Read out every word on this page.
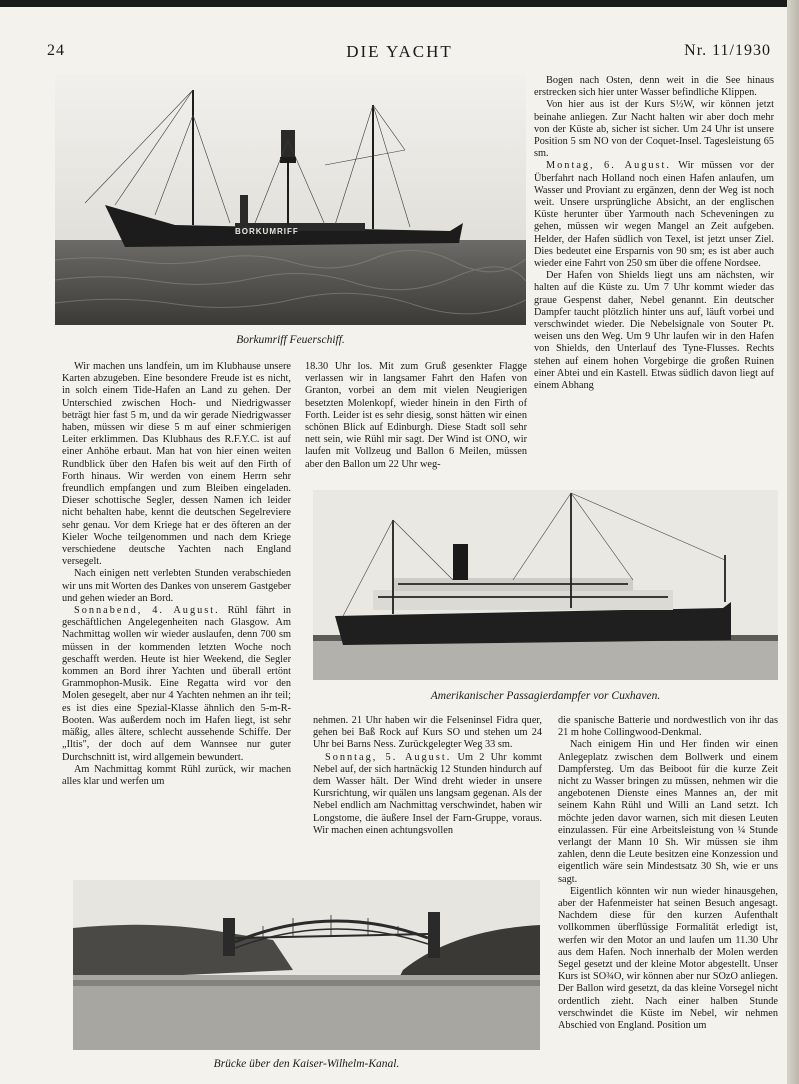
24	DIE YACHT	Nr. 11/1930
BORKUMRIFF
Borkumriff Feuerschiff.

Bogen nach Osten, denn weit in die See hinaus erstrecken sich hier unter Wasser befindliche Klippen.

Von hier aus ist der Kurs S½W, wir können jetzt beinahe anliegen. Zur Nacht halten wir aber doch mehr von der Küste ab, sicher ist sicher. Um 24 Uhr ist unsere Position 5 sm NO von der Coquet-Insel. Tagesleistung 65 sm.

Montag, 6. August. Wir müssen vor der Überfahrt nach Holland noch einen Hafen anlaufen, um Wasser und Proviant zu ergänzen, denn der Weg ist noch weit. Unsere ursprüngliche Absicht, an der englischen Küste herunter über Yarmouth nach Scheveningen zu gehen, müssen wir wegen Mangel an Zeit aufgeben. Helder, der Hafen südlich von Texel, ist jetzt unser Ziel. Dies bedeutet eine Ersparnis von 90 sm; es ist aber auch wieder eine Fahrt von 250 sm über die offene Nordsee.

Der Hafen von Shields liegt uns am nächsten, wir halten auf die Küste zu. Um 7 Uhr kommt wieder das graue Gespenst daher, Nebel genannt. Ein deutscher Dampfer taucht plötzlich hinter uns auf, läuft vorbei und verschwindet wieder. Die Nebelsignale von Souter Pt. weisen uns den Weg. Um 9 Uhr laufen wir in den Hafen von Shields, den Unterlauf des Tyne-Flusses. Rechts stehen auf einem hohen Vorgebirge die großen Ruinen einer Abtei und ein Kastell. Etwas südlich davon liegt auf einem Abhang

Wir machen uns landfein, um im Klubhause unsere Karten abzugeben. Eine besondere Freude ist es nicht, in solch einem Tide-Hafen an Land zu gehen. Der Unterschied zwischen Hoch- und Niedrigwasser beträgt hier fast 5 m, und da wir gerade Niedrigwasser haben, müssen wir diese 5 m auf einer schmierigen Leiter erklimmen. Das Klubhaus des R.F.Y.C. ist auf einer Anhöhe erbaut. Man hat von hier einen weiten Rundblick über den Hafen bis weit auf den Firth of Forth hinaus. Wir werden von einem Herrn sehr freundlich empfangen und zum Bleiben eingeladen. Dieser schottische Segler, dessen Namen ich leider nicht behalten habe, kennt die deutschen Segelreviere sehr genau. Vor dem Kriege hat er des öfteren an der Kieler Woche teilgenommen und nach dem Kriege verschiedene deutsche Yachten nach England versegelt.

Nach einigen nett verlebten Stunden verabschieden wir uns mit Worten des Dankes von unserem Gastgeber und gehen wieder an Bord.

Sonnabend, 4. August. Rühl fährt in geschäftlichen Angelegenheiten nach Glasgow. Am Nachmittag wollen wir wieder auslaufen, denn 700 sm müssen in der kommenden letzten Woche noch geschafft werden. Heute ist hier Weekend, die Segler kommen an Bord ihrer Yachten und überall ertönt Grammophon-Musik. Eine Regatta wird vor den Molen gesegelt, aber nur 4 Yachten nehmen an ihr teil; es ist dies eine Spezial-Klasse ähnlich den 5-m-R-Booten. Was außerdem noch im Hafen liegt, ist sehr mäßig, alles ältere, schlecht aussehende Schiffe. Der „Iltis", der doch auf dem Wannsee nur guter Durchschnitt ist, wird allgemein bewundert.

Am Nachmittag kommt Rühl zurück, wir machen alles klar und werfen um

18.30 Uhr los. Mit zum Gruß gesenkter Flagge verlassen wir in langsamer Fahrt den Hafen von Granton, vorbei an dem mit vielen Neugierigen besetzten Molenkopf, wieder hinein in den Firth of Forth. Leider ist es sehr diesig, sonst hätten wir einen schönen Blick auf Edinburgh. Diese Stadt soll sehr nett sein, wie Rühl mir sagt. Der Wind ist ONO, wir laufen mit Vollzeug und Ballon 6 Meilen, müssen aber den Ballon um 22 Uhr weg-

Amerikanischer Passagierdampfer vor Cuxhaven.

nehmen. 21 Uhr haben wir die Felseninsel Fidra quer, gehen bei Baß Rock auf Kurs SO und stehen um 24 Uhr bei Barns Ness. Zurückgelegter Weg 33 sm.

Sonntag, 5. August. Um 2 Uhr kommt Nebel auf, der sich hartnäckig 12 Stunden hindurch auf dem Wasser hält. Der Wind dreht wieder in unsere Kursrichtung, wir quälen uns langsam gegenan. Als der Nebel endlich am Nachmittag verschwindet, haben wir Longstome, die äußere Insel der Farn-Gruppe, voraus. Wir machen einen achtungsvollen

die spanische Batterie und nordwestlich von ihr das 21 m hohe Collingwood-Denkmal.

Nach einigem Hin und Her finden wir einen Anlegeplatz zwischen dem Bollwerk und einem Dampfersteg. Um das Beiboot für die kurze Zeit nicht zu Wasser bringen zu müssen, nehmen wir die angebotenen Dienste eines Mannes an, der mit seinem Kahn Rühl und Willi an Land setzt. Ich möchte jeden davor warnen, sich mit diesen Leuten einzulassen. Für eine Arbeitsleistung von ¼ Stunde verlangt der Mann 10 Sh. Wir müssen sie ihm zahlen, denn die Leute besitzen eine Konzession und eigentlich wäre sein Mindestsatz 30 Sh, wie er uns sagt.

Eigentlich könnten wir nun wieder hinausgehen, aber der Hafenmeister hat seinen Besuch angesagt. Nachdem diese für den kurzen Aufenthalt vollkommen überflüssige Formalität erledigt ist, werfen wir den Motor an und laufen um 11.30 Uhr aus dem Hafen. Noch innerhalb der Molen werden Segel gesetzt und der kleine Motor abgestellt. Unser Kurs ist SO¾O, wir können aber nur SOzO anliegen. Der Ballon wird gesetzt, da das kleine Vorsegel nicht ordentlich zieht. Nach einer halben Stunde verschwindet die Küste im Nebel, wir nehmen Abschied von England. Position um

Brücke über den Kaiser-Wilhelm-Kanal.
